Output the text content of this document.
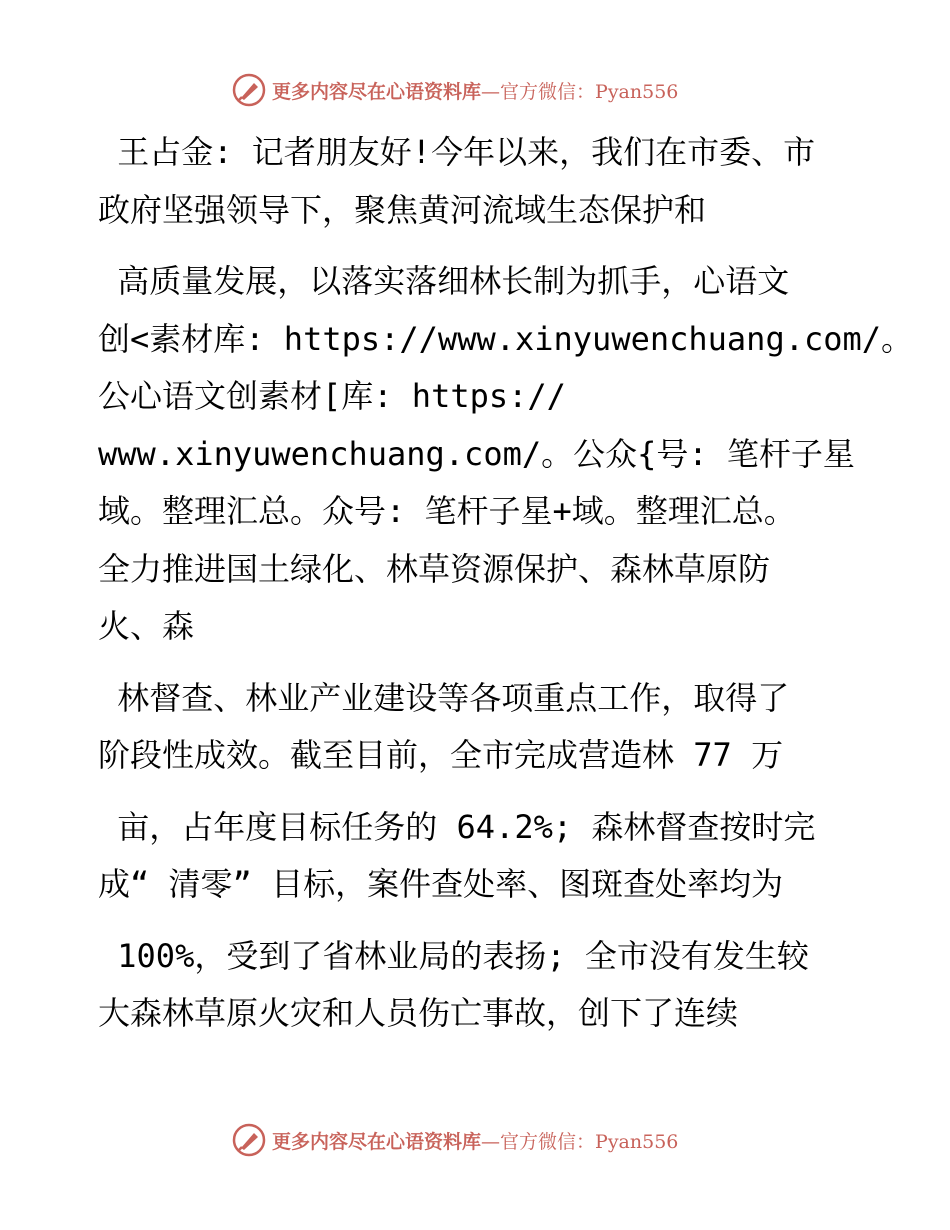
更多内容尽在心语资料库—官方微信：Pyan556
王占金: 记者朋友好!今年以来，我们在市委、市
政府坚强领导下，聚焦黄河流域生态保护和
高质量发展，以落实落细林长制为抓手，心语文
创<素材库: https://www.xinyuwenchuang.com/。
公心语文创素材[库: https://
www.xinyuwenchuang.com/。公众{号: 笔杆子星
域。整理汇总。众号: 笔杆子星+域。整理汇总。
全力推进国土绿化、林草资源保护、森林草原防
火、森
林督查、林业产业建设等各项重点工作，取得了
阶段性成效。截至目前，全市完成营造林 77 万
亩，占年度目标任务的 64.2%; 森林督查按时完
成“ 清零” 目标，案件查处率、图斑查处率均为
100%，受到了省林业局的表扬; 全市没有发生较
大森林草原火灾和人员伤亡事故，创下了连续
更多内容尽在心语资料库—官方微信：Pyan556
